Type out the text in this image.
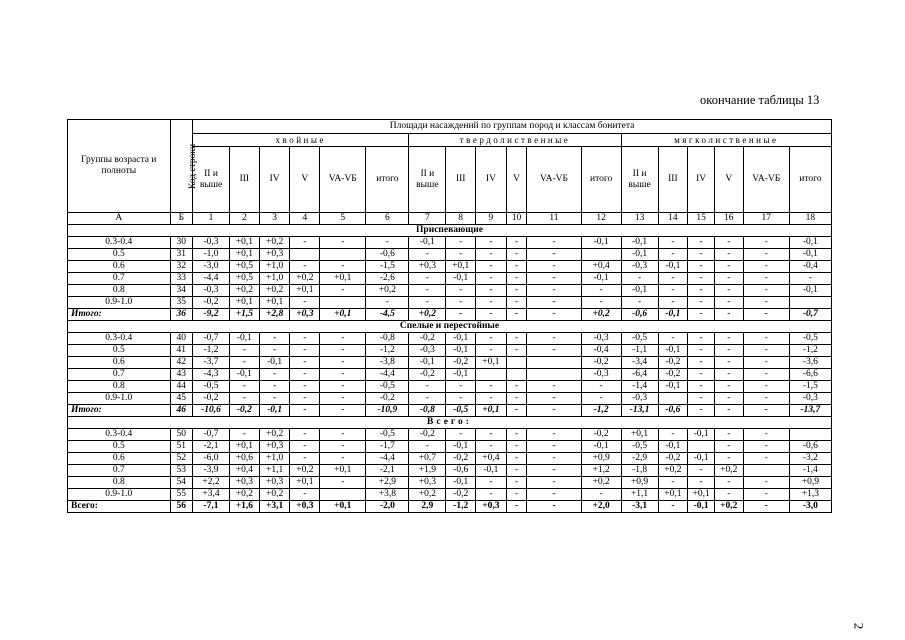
окончание таблицы 13
Группы возраста и полноты	Код строки	Площади насаждений по группам пород и классам бонитета																	
		хвойные						твердолиственные						мягколиственные					
		II и выше	III	IV	V	VA-VБ	итого	II и выше	III	IV	V	VA-VБ	итого	II и выше	III	IV	V	VA-VБ	итого
А	Б	1	2	3	4	5	6	7	8	9	10	11	12	13	14	15	16	17	18
Приспевающие																			
0.3-0.4	30	-0,3	+0,1	+0,2	-	-	-	-0,1	-	-	-	-	-0,1	-0,1	-	-	-	-	-0,1
0.5	31	-1,0	+0,1	+0,3			-0,6	-	-	-	-	-		-0,1	-	-	-	-	-0,1
0.6	32	-3,0	+0,5	+1,0	-	-	-1,5	+0,3	+0,1	-	-	-	+0,4	-0,3	-0,1	-	-	-	-0,4
0.7	33	-4,4	+0,5	+1,0	+0,2	+0,1	-2,6	-	-0,1	-	-	-	-0,1	-	-	-	-	-	-
0.8	34	-0,3	+0,2	+0,2	+0,1	-	+0,2	-	-	-	-	-	-	-0,1	-	-	-	-	-0,1
0.9-1.0	35	-0,2	+0,1	+0,1	-		-	-	-	-	-	-	-	-	-	-	-	-	
Итого:	36	-9,2	+1,5	+2,8	+0,3	+0,1	-4,5	+0,2	-	-	-	-	+0,2	-0,6	-0,1	-	-	-	-0,7
Спелые и перестойные																			
0.3-0.4	40	-0,7	-0,1	-	-	-	-0,8	-0,2	-0,1	-	-	-	-0,3	-0,5	-	-	-	-	-0,5
0.5	41	-1,2	-	-	-	-	-1,2	-0,3	-0,1	-	-	-	-0,4	-1,1	-0,1	-	-	-	-1,2
0.6	42	-3,7	-	-0,1	-	-	-3,8	-0,1	-0,2	+0,1			-0,2	-3,4	-0,2	-	-	-	-3,6
0.7	43	-4,3	-0,1	-	-	-	-4,4	-0,2	-0,1				-0,3	-6,4	-0,2	-	-	-	-6,6
0.8	44	-0,5	-	-	-	-	-0,5	-	-	-	-	-	-	-1,4	-0,1	-	-	-	-1,5
0.9-1.0	45	-0,2	-	-	-	-	-0,2	-	-	-	-	-	-	-0,3		-	-	-	-0,3
Итого:	46	-10,6	-0,2	-0,1	-	-	-10,9	-0,8	-0,5	+0,1	-	-	-1,2	-13,1	-0,6	-	-	-	-13,7
Всего:																			
0.3-0.4	50	-0,7	-	+0,2	-	-	-0,5	-0,2	-	-	-	-	-0,2	+0,1	-	-0,1	-	-	
0.5	51	-2,1	+0,1	+0,3	-	-	-1,7	-	-0,1	-	-	-	-0,1	-0,5	-0,1		-	-	-0,6
0.6	52	-6,0	+0,6	+1,0	-	-	-4,4	+0,7	-0,2	+0,4	-	-	+0,9	-2,9	-0,2	-0,1	-	-	-3,2
0.7	53	-3,9	+0,4	+1,1	+0,2	+0,1	-2,1	+1,9	-0,6	-0,1	-	-	+1,2	-1,8	+0,2	-	+0,2		-1,4
0.8	54	+2,2	+0,3	+0,3	+0,1	-	+2,9	+0,3	-0,1	-	-	-	+0,2	+0,9	-	-	-	-	+0,9
0.9-1.0	55	+3,4	+0,2	+0,2	-		+3,8	+0,2	-0,2	-	-	-	-	+1,1	+0,1	+0,1	-	-	+1,3
Всего:	56	-7,1	+1,6	+3,1	+0,3	+0,1	-2,0	2,9	-1,2	+0,3	-	-	+2,0	-3,1	-	-0,1	+0,2	-	-3,0
2
